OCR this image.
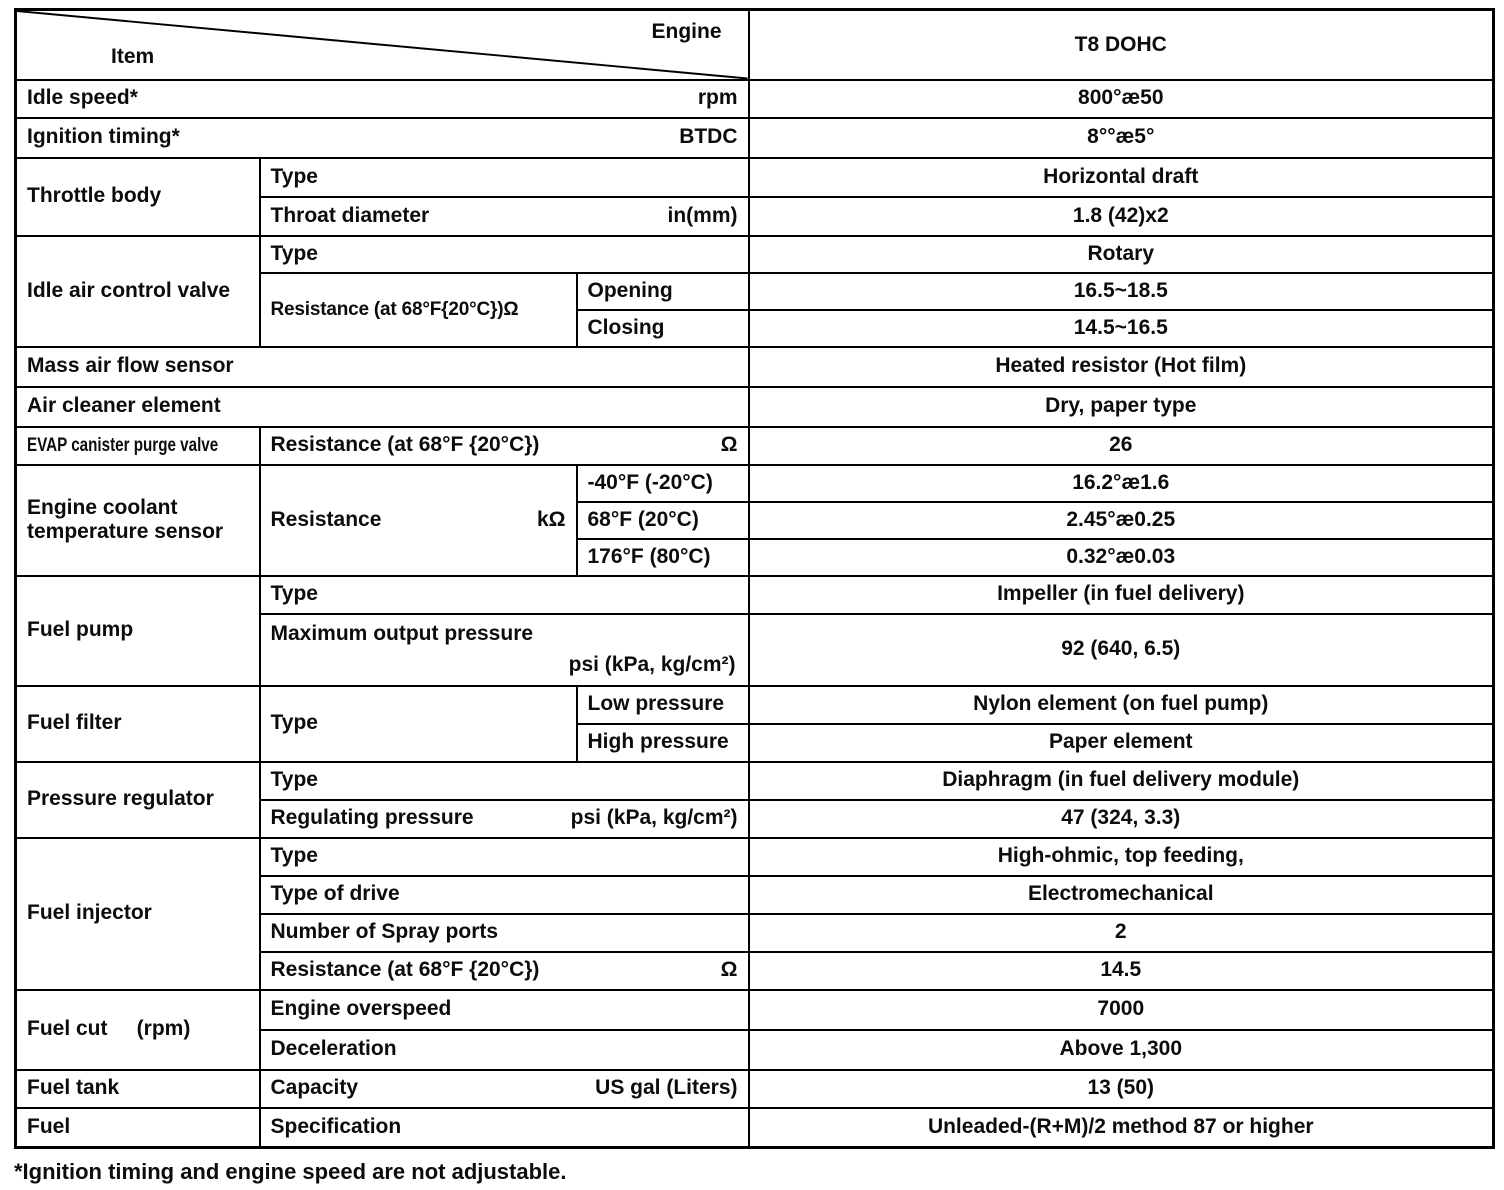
Engine
Item			T8 DOHC

Idle speed* rpm			800°æ50

Ignition timing* BTDC			8°°æ5°
Throttle body	Type		Horizontal draft

	Throat diameter in(mm)		1.8 (42)x2
Idle air control valve	Type		Rotary
	Resistance (at 68°F{20°C})Ω	Opening	16.5~18.5
		Closing	14.5~16.5
Mass air flow sensor			Heated resistor (Hot film)
Air cleaner element			Dry, paper type
EVAP canister purge valve	Resistance (at 68°F {20°C}) Ω		26
Engine coolant temperature sensor	Resistance kΩ	-40°F (-20°C)	16.2°æ1.6
		68°F (20°C)	2.45°æ0.25
		176°F (80°C)	0.32°æ0.03
Fuel pump	Type		Impeller (in fuel delivery)

	Maximum output pressure
psi (kPa, kg/cm²)		92 (640, 6.5)
Fuel filter	Type	Low pressure	Nylon element (on fuel pump)
		High pressure	Paper element
Pressure regulator	Type		Diaphragm (in fuel delivery module)

	Regulating pressure psi (kPa, kg/cm²)		47 (324, 3.3)
Fuel injector	Type		High-ohmic, top feeding,
	Type of drive		Electromechanical
	Number of Spray ports		2

	Resistance (at 68°F {20°C}) Ω		14.5
Fuel cut     (rpm)	Engine overspeed		7000
	Deceleration		Above 1,300
Fuel tank	Capacity US gal (Liters)		13 (50)
Fuel	Specification		Unleaded-(R+M)/2 method 87 or higher
*Ignition timing and engine speed are not adjustable.
